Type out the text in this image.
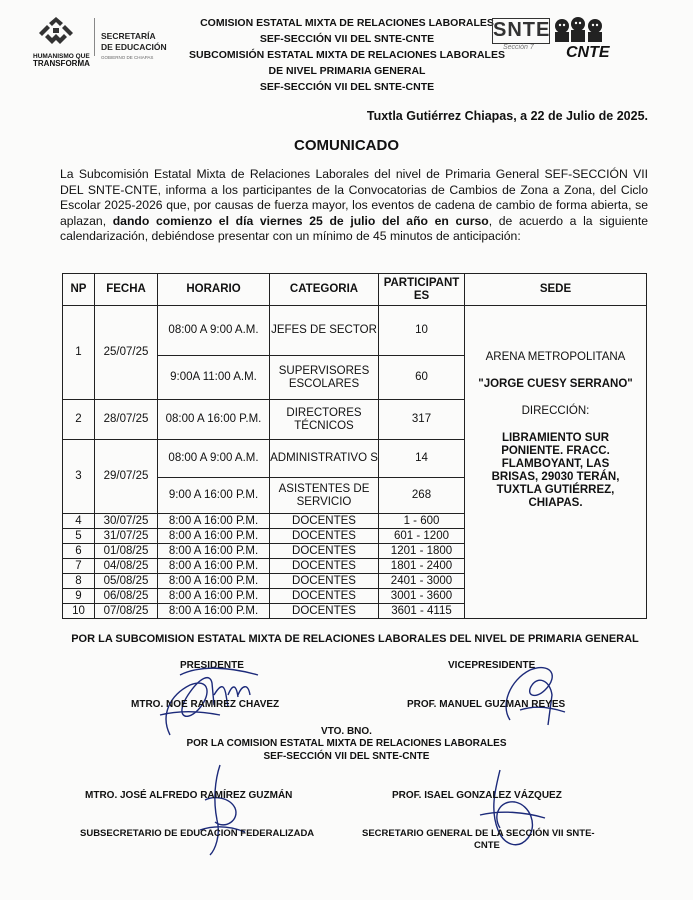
HUMANISMO QUE
TRANSFORMA
SECRETARÍA
DE EDUCACIÓN
GOBIERNO DE CHIAPAS
COMISION ESTATAL MIXTA DE RELACIONES LABORALES
SEF-SECCIÓN VII DEL SNTE-CNTE
SUBCOMISIÓN ESTATAL MIXTA DE RELACIONES LABORALES
DE NIVEL PRIMARIA GENERAL
SEF-SECCIÓN VII DEL SNTE-CNTE
SNTE
Sección 7 CNTE
Tuxtla Gutiérrez Chiapas, a 22 de Julio de 2025.
COMUNICADO
La Subcomisión Estatal Mixta de Relaciones Laborales del nivel de Primaria General SEF-SECCIÓN VII DEL SNTE-CNTE, informa a los participantes de la Convocatorias de Cambios de Zona a Zona, del Ciclo Escolar 2025-2026 que, por causas de fuerza mayor, los eventos de cadena de cambio de forma abierta, se aplazan, dando comienzo el día viernes 25 de julio del año en curso, de acuerdo a la siguiente calendarización, debiéndose presentar con un mínimo de 45 minutos de anticipación:
NP	FECHA	HORARIO	CATEGORIA	PARTICIPANT ES	SEDE
1	25/07/25	08:00 A 9:00 A.M.	JEFES DE SECTOR	10	ARENA METROPOLITANA
"JORGE CUESY SERRANO"
DIRECCIÓN:
LIBRAMIENTO SUR PONIENTE. FRACC. FLAMBOYANT, LAS BRISAS, 29030 TERÁN, TUXTLA GUTIÉRREZ, CHIAPAS.

		9:00A 11:00 A.M.	SUPERVISORES ESCOLARES	60	
2	28/07/25	08:00 A 16:00 P.M.	DIRECTORES TÉCNICOS	317	
3	29/07/25	08:00 A 9:00 A.M.	ADMINISTRATIVO S	14	
		9:00 A 16:00 P.M.	ASISTENTES DE SERVICIO	268	
4	30/07/25	8:00 A 16:00 P.M.	DOCENTES	1 - 600	
5	31/07/25	8:00 A 16:00 P.M.	DOCENTES	601 - 1200	
6	01/08/25	8:00 A 16:00 P.M.	DOCENTES	1201 - 1800	
7	04/08/25	8:00 A 16:00 P.M.	DOCENTES	1801 - 2400	
8	05/08/25	8:00 A 16:00 P.M.	DOCENTES	2401 - 3000	
9	06/08/25	8:00 A 16:00 P.M.	DOCENTES	3001 - 3600	
10	07/08/25	8:00 A 16:00 P.M.	DOCENTES	3601 - 4115	
POR LA SUBCOMISION ESTATAL MIXTA DE RELACIONES LABORALES DEL NIVEL DE PRIMARIA GENERAL
PRESIDENTE	VICEPRESIDENTE
MTRO. NOE RAMIREZ CHAVEZ	PROF. MANUEL GUZMAN REYES
VTO. BNO.
POR LA COMISION ESTATAL MIXTA DE RELACIONES LABORALES
SEF-SECCIÓN VII DEL SNTE-CNTE
MTRO. JOSÉ ALFREDO RAMÍREZ GUZMÁN	PROF. ISAEL GONZALEZ VÁZQUEZ
SUBSECRETARIO DE EDUCACION FEDERALIZADA	SECRETARIO GENERAL DE LA SECCIÓN VII SNTE-
CNTE
